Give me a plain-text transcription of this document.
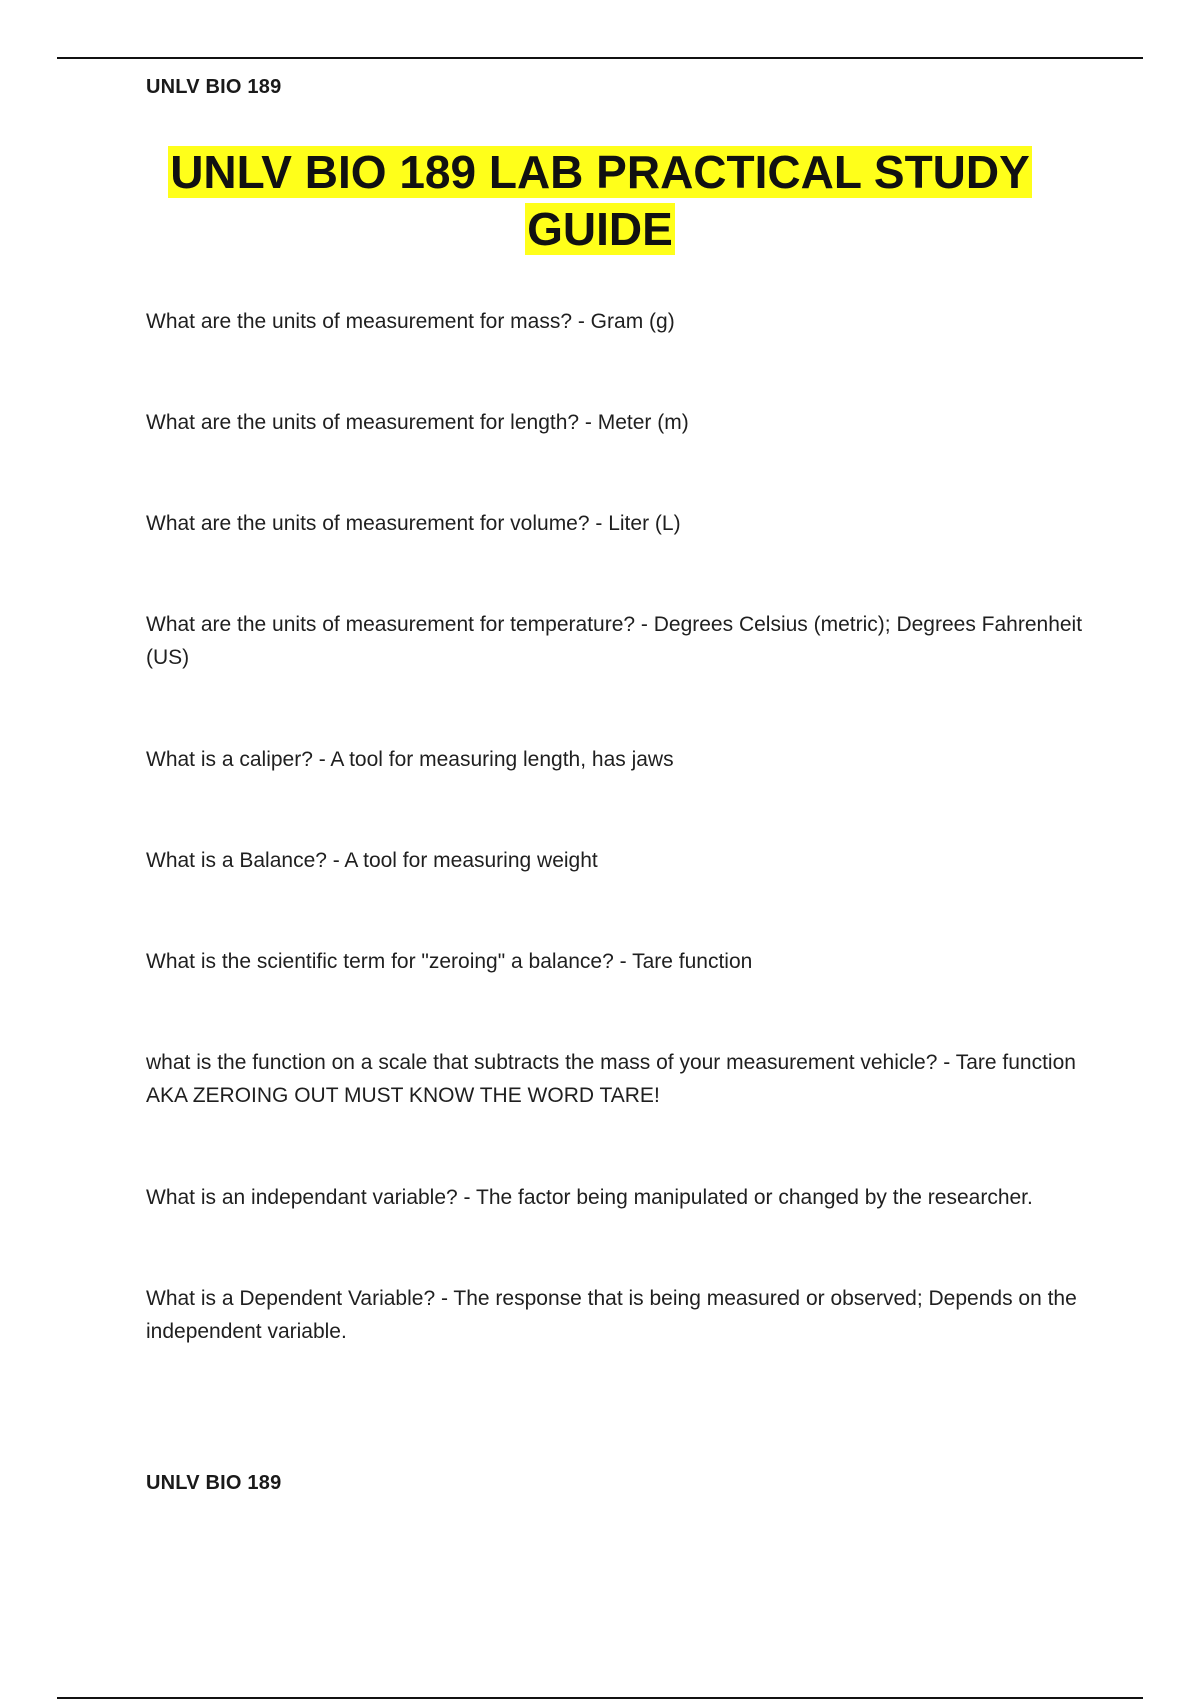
UNLV BIO 189
UNLV BIO 189 LAB PRACTICAL STUDY GUIDE
What are the units of measurement for mass? - Gram (g)
What are the units of measurement for length? - Meter (m)
What are the units of measurement for volume? - Liter (L)
What are the units of measurement for temperature? - Degrees Celsius (metric); Degrees Fahrenheit (US)
What is a caliper? - A tool for measuring length, has jaws
What is a Balance? - A tool for measuring weight
What is the scientific term for "zeroing" a balance? - Tare function
what is the function on a scale that subtracts the mass of your measurement vehicle? - Tare function AKA ZEROING OUT MUST KNOW THE WORD TARE!
What is an independant variable? - The factor being manipulated or changed by the researcher.
What is a Dependent Variable? - The response that is being measured or observed; Depends on the independent variable.
UNLV BIO 189
